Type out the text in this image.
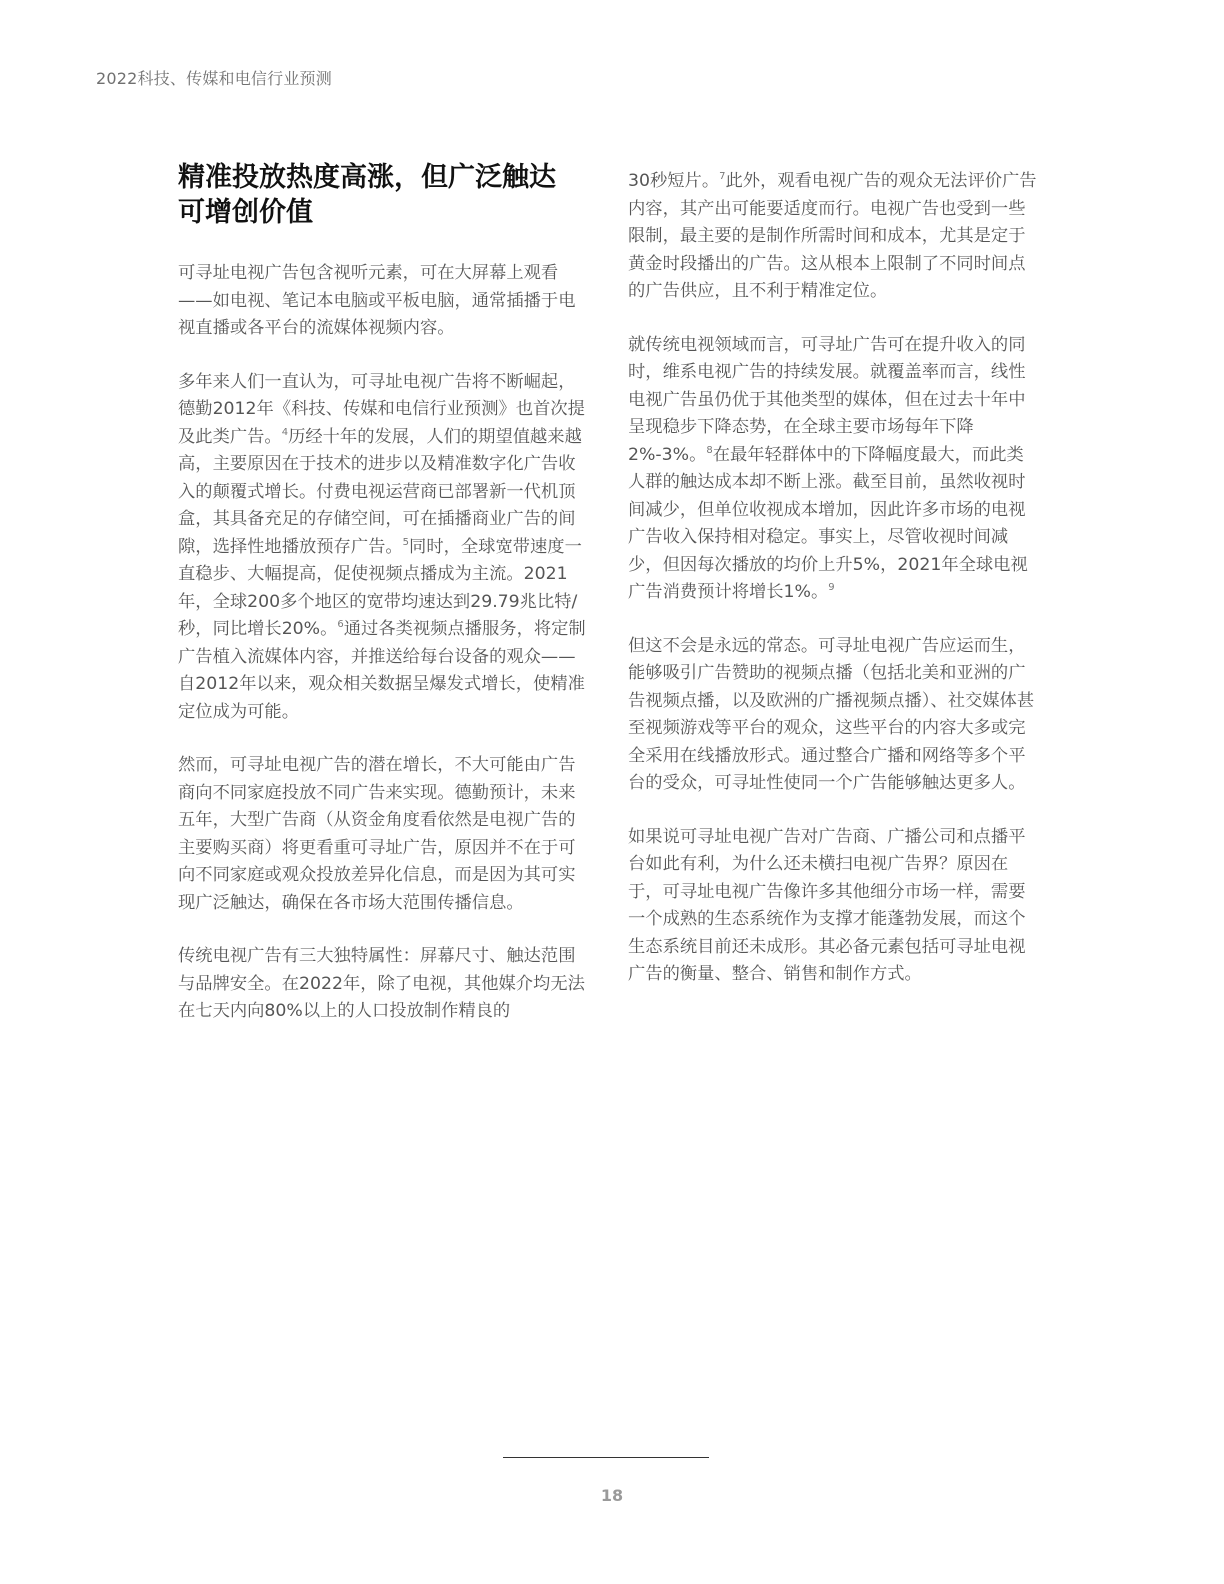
2022科技、传媒和电信行业预测
精准投放热度高涨，但广泛触达
可增创价值

可寻址电视广告包含视听元素，可在大屏幕上观看——如电视、笔记本电脑或平板电脑，通常插播于电视直播或各平台的流媒体视频内容。

多年来人们一直认为，可寻址电视广告将不断崛起，德勤2012年《科技、传媒和电信行业预测》也首次提及此类广告。$^4$历经十年的发展，人们的期望值越来越高，主要原因在于技术的进步以及精准数字化广告收入的颠覆式增长。付费电视运营商已部署新一代机顶盒，其具备充足的存储空间，可在插播商业广告的间隙，选择性地播放预存广告。$^5$同时，全球宽带速度一直稳步、大幅提高，促使视频点播成为主流。2021年，全球200多个地区的宽带均速达到29.79兆比特/秒，同比增长20%。$^6$通过各类视频点播服务，将定制广告植入流媒体内容，并推送给每台设备的观众——自2012年以来，观众相关数据呈爆发式增长，使精准定位成为可能。

然而，可寻址电视广告的潜在增长，不大可能由广告商向不同家庭投放不同广告来实现。德勤预计，未来五年，大型广告商（从资金角度看依然是电视广告的主要购买商）将更看重可寻址广告，原因并不在于可向不同家庭或观众投放差异化信息，而是因为其可实现广泛触达，确保在各市场大范围传播信息。

传统电视广告有三大独特属性：屏幕尺寸、触达范围与品牌安全。在2022年，除了电视，其他媒介均无法在七天内向80%以上的人口投放制作精良的

30秒短片。$^7$此外，观看电视广告的观众无法评价广告内容，其产出可能要适度而行。电视广告也受到一些限制，最主要的是制作所需时间和成本，尤其是定于黄金时段播出的广告。这从根本上限制了不同时间点的广告供应，且不利于精准定位。

就传统电视领域而言，可寻址广告可在提升收入的同时，维系电视广告的持续发展。就覆盖率而言，线性电视广告虽仍优于其他类型的媒体，但在过去十年中呈现稳步下降态势，在全球主要市场每年下降2%-3%。$^8$在最年轻群体中的下降幅度最大，而此类人群的触达成本却不断上涨。截至目前，虽然收视时间减少，但单位收视成本增加，因此许多市场的电视广告收入保持相对稳定。事实上，尽管收视时间减少，但因每次播放的均价上升5%，2021年全球电视广告消费预计将增长1%。$^9$

但这不会是永远的常态。可寻址电视广告应运而生，能够吸引广告赞助的视频点播（包括北美和亚洲的广告视频点播，以及欧洲的广播视频点播）、社交媒体甚至视频游戏等平台的观众，这些平台的内容大多或完全采用在线播放形式。通过整合广播和网络等多个平台的受众，可寻址性使同一个广告能够触达更多人。

如果说可寻址电视广告对广告商、广播公司和点播平台如此有利，为什么还未横扫电视广告界？原因在于，可寻址电视广告像许多其他细分市场一样，需要一个成熟的生态系统作为支撑才能蓬勃发展，而这个生态系统目前还未成形。其必备元素包括可寻址电视广告的衡量、整合、销售和制作方式。

18
